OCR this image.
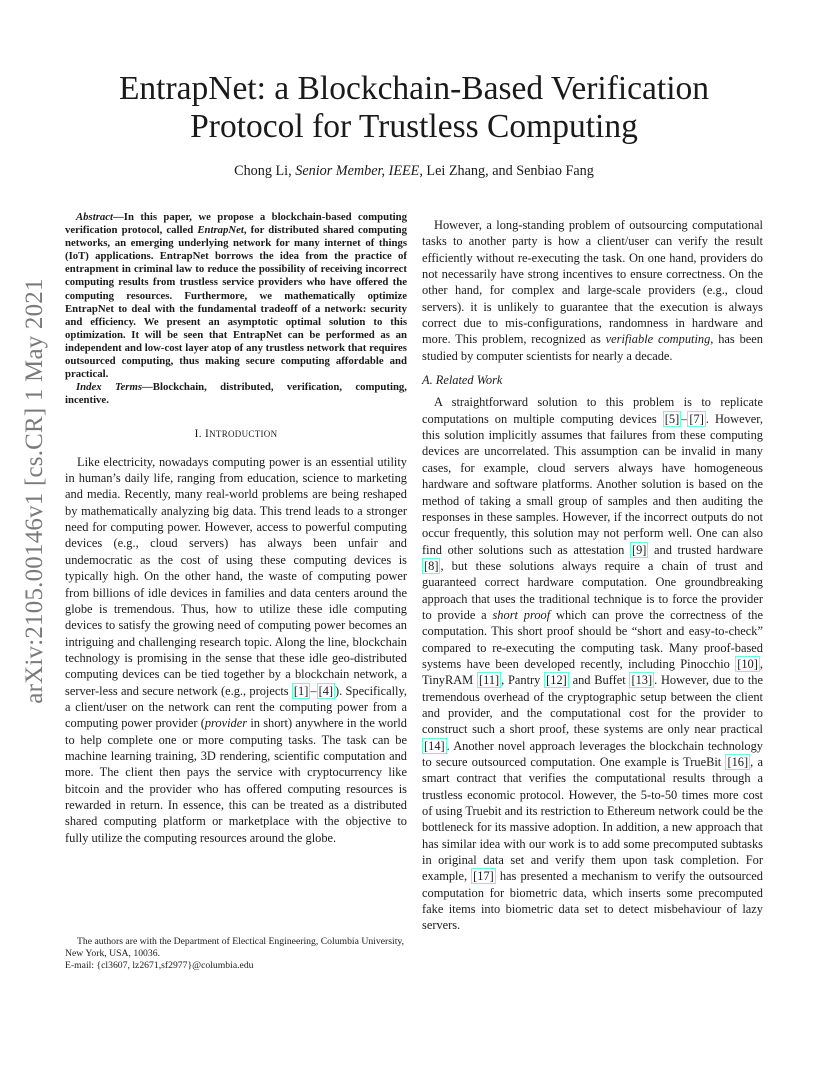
arXiv:2105.00146v1 [cs.CR] 1 May 2021
EntrapNet: a Blockchain-Based Verification
Protocol for Trustless Computing
Chong Li, Senior Member, IEEE, Lei Zhang, and Senbiao Fang

Abstract—In this paper, we propose a blockchain-based computing verification protocol, called EntrapNet, for distributed shared computing networks, an emerging underlying network for many internet of things (IoT) applications. EntrapNet borrows the idea from the practice of entrapment in criminal law to reduce the possibility of receiving incorrect computing results from trustless service providers who have offered the computing resources. Furthermore, we mathematically optimize EntrapNet to deal with the fundamental tradeoff of a network: security and efficiency. We present an asymptotic optimal solution to this optimization. It will be seen that EntrapNet can be performed as an independent and low-cost layer atop of any trustless network that requires outsourced computing, thus making secure computing affordable and practical.

Index Terms—Blockchain, distributed, verification, computing, incentive.

I. INTRODUCTION

Like electricity, nowadays computing power is an essential utility in human’s daily life, ranging from education, science to marketing and media. Recently, many real-world problems are being reshaped by mathematically analyzing big data. This trend leads to a stronger need for computing power. However, access to powerful computing devices (e.g., cloud servers) has always been unfair and undemocratic as the cost of using these computing devices is typically high. On the other hand, the waste of computing power from billions of idle devices in families and data centers around the globe is tremendous. Thus, how to utilize these idle computing devices to satisfy the growing need of computing power becomes an intriguing and challenging research topic. Along the line, blockchain technology is promising in the sense that these idle geo-distributed computing devices can be tied together by a blockchain network, a server-less and secure network (e.g., projects [1] – [4] ). Specifically, a client/user on the network can rent the computing power from a computing power provider (provider in short) anywhere in the world to help complete one or more computing tasks. The task can be machine learning training, 3D rendering, scientific computation and more. The client then pays the service with cryptocurrency like bitcoin and the provider who has offered computing resources is rewarded in return. In essence, this can be treated as a distributed shared computing platform or marketplace with the objective to fully utilize the computing resources around the globe.

The authors are with the Department of Electical Engineering, Columbia University, New York, USA, 10036.
E-mail: {cl3607, lz2671,sf2977}@columbia.edu

However, a long-standing problem of outsourcing computational tasks to another party is how a client/user can verify the result efficiently without re-executing the task. On one hand, providers do not necessarily have strong incentives to ensure correctness. On the other hand, for complex and large-scale providers (e.g., cloud servers). it is unlikely to guarantee that the execution is always correct due to mis-configurations, randomness in hardware and more. This problem, recognized as verifiable computing, has been studied by computer scientists for nearly a decade.

A. Related Work

A straightforward solution to this problem is to replicate computations on multiple computing devices [5] – [7] . However, this solution implicitly assumes that failures from these computing devices are uncorrelated. This assumption can be invalid in many cases, for example, cloud servers always have homogeneous hardware and software platforms. Another solution is based on the method of taking a small group of samples and then auditing the responses in these samples. However, if the incorrect outputs do not occur frequently, this solution may not perform well. One can also find other solutions such as attestation [9] and trusted hardware [8] , but these solutions always require a chain of trust and guaranteed correct hardware computation. One groundbreaking approach that uses the traditional technique is to force the provider to provide a short proof which can prove the correctness of the computation. This short proof should be “short and easy-to-check” compared to re-executing the computing task. Many proof-based systems have been developed recently, including Pinocchio [10] , TinyRAM [11] , Pantry [12] and Buffet [13] . However, due to the tremendous overhead of the cryptographic setup between the client and provider, and the computational cost for the provider to construct such a short proof, these systems are only near practical [14] . Another novel approach leverages the blockchain technology to secure outsourced computation. One example is TrueBit [16] , a smart contract that verifies the computational results through a trustless economic protocol. However, the 5-to-50 times more cost of using Truebit and its restriction to Ethereum network could be the bottleneck for its massive adoption. In addition, a new approach that has similar idea with our work is to add some precomputed subtasks in original data set and verify them upon task completion. For example, [17] has presented a mechanism to verify the outsourced computation for biometric data, which inserts some precomputed fake items into biometric data set to detect misbehaviour of lazy servers.
